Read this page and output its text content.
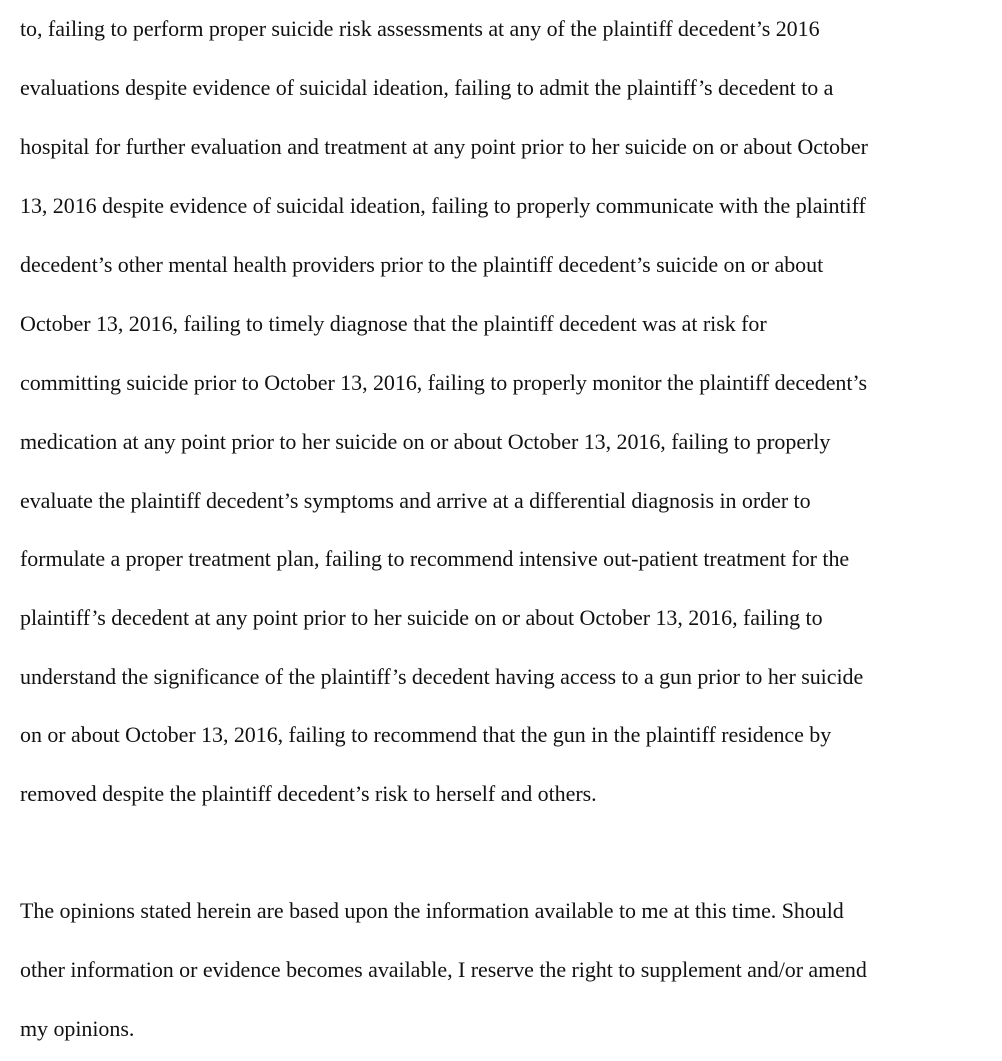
to, failing to perform proper suicide risk assessments at any of the plaintiff decedent’s 2016
evaluations despite evidence of suicidal ideation, failing to admit the plaintiff’s decedent to a
hospital for further evaluation and treatment at any point prior to her suicide on or about October
13, 2016 despite evidence of suicidal ideation, failing to properly communicate with the plaintiff
decedent’s other mental health providers prior to the plaintiff decedent’s suicide on or about
October 13, 2016, failing to timely diagnose that the plaintiff decedent was at risk for
committing suicide prior to October 13, 2016, failing to properly monitor the plaintiff decedent’s
medication at any point prior to her suicide on or about October 13, 2016, failing to properly
evaluate the plaintiff decedent’s symptoms and arrive at a differential diagnosis in order to
formulate a proper treatment plan, failing to recommend intensive out-patient treatment for the
plaintiff’s decedent at any point prior to her suicide on or about October 13, 2016, failing to
understand the significance of the plaintiff’s decedent having access to a gun prior to her suicide
on or about October 13, 2016, failing to recommend that the gun in the plaintiff residence by
removed despite the plaintiff decedent’s risk to herself and others.
The opinions stated herein are based upon the information available to me at this time. Should
other information or evidence becomes available, I reserve the right to supplement and/or amend
my opinions.
